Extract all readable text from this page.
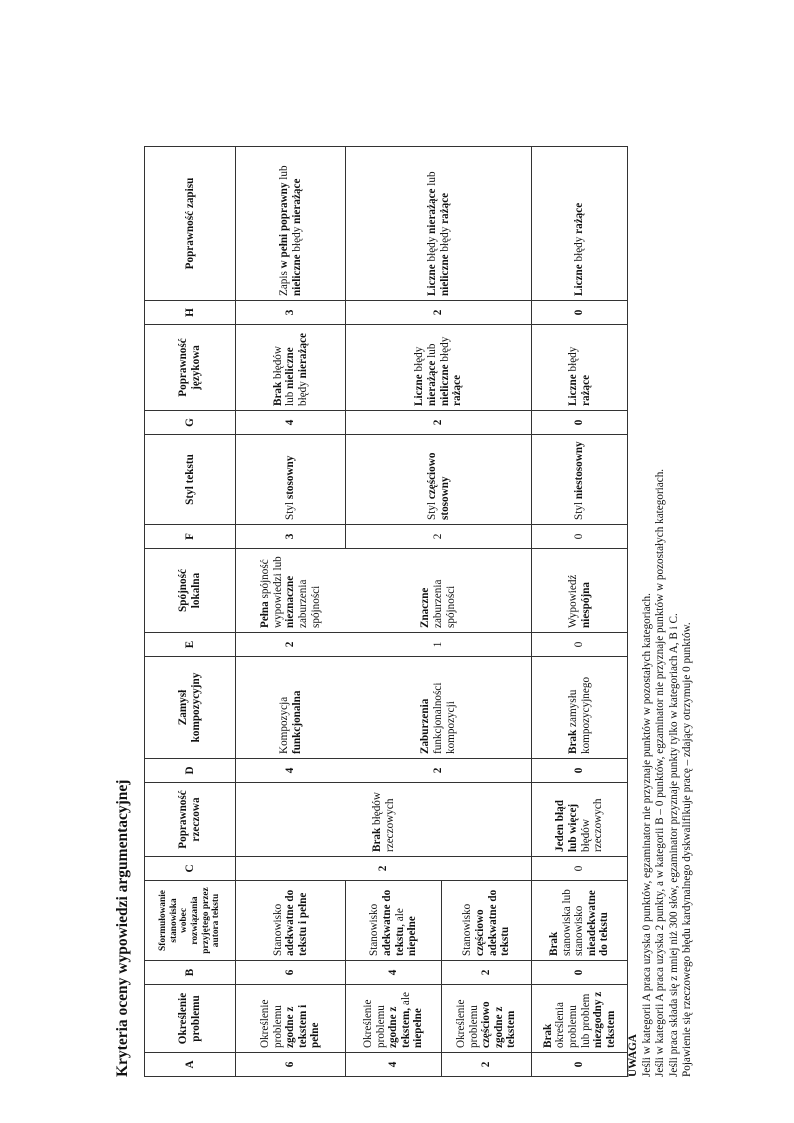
Kryteria oceny wypowiedzi argumentacyjnej	A	Określenie problemu	B	Sformułowanie stanowiska wobec rozwiązania przyjętego przez autora tekstu	C	Poprawność rzeczowa	D	Zamysł kompozycyjny	E	Spójność lokalna	F	Styl tekstu	G	Poprawność językowa	H	Poprawność zapisu
6	Określenie problemu zgodne z tekstem i pełne	6	Stanowisko adekwatne do tekstu i pełne	2	Brak błędów rzeczowych	4	Kompozycja funkcjonalna	2	Pełna spójność wypowiedzi lub nieznaczne zaburzenia spójności	3	Styl stosowny	4	Brak błędów lub nieliczne błędy nierażące	3	Zapis w pełni poprawny lub nieliczne błędy nierażące
4	Określenie problemu zgodne z tekstem, ale niepełne	4	Stanowisko adekwatne do tekstu, ale niepełne			2	Zaburzenia funkcjonalności kompozycji	1	Znaczne zaburzenia spójności	2	Styl częściowo stosowny	2	Liczne błędy nierażące lub nieliczne błędy rażące	2	Liczne błędy nierażące lub nieliczne błędy rażące
2	Określenie problemu częściowo zgodne z tekstem	2	Stanowisko częściowo adekwatne do tekstu												
0	Brak określenia problemu lub problem niezgodny z tekstem	0	Brak stanowiska lub stanowisko nieadekwatne do tekstu	0	Jeden błąd lub więcej błędów rzeczowych	0	Brak zamysłu kompozycyjnego	0	Wypowiedź niespójna	0	Styl niestosowny	0	Liczne błędy rażące	0	Liczne błędy rażące
UWAGA Jeśli w kategorii A praca uzyska 0 punktów, egzaminator nie przyznaje punktów w pozostałych kategoriach. Jeśli w kategorii A praca uzyska 2 punkty, a w kategorii B – 0 punktów, egzaminator nie przyznaje punktów w pozostałych kategoriach. Jeśli praca składa się z mniej niż 300 słów, egzaminator przyznaje punkty tylko w kategoriach A, B i C. Pojawienie się rzeczowego błędu kardynalnego dyskwalifikuje pracę – zdający otrzymuje 0 punktów.
